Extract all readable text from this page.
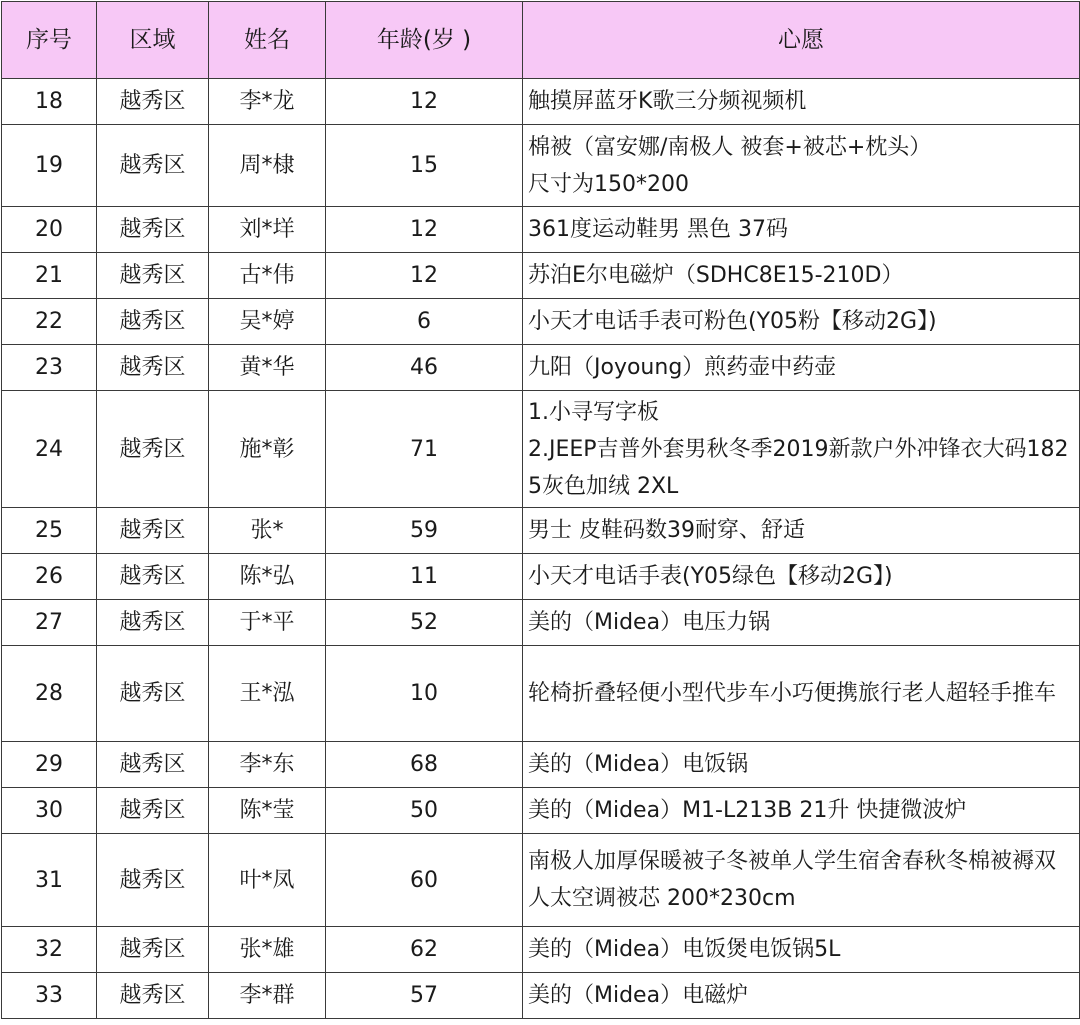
序号	区域	姓名	年龄(岁 )	心愿
18	越秀区	李*龙	12	触摸屏蓝牙K歌三分频视频机
19	越秀区	周*棣	15	棉被（富安娜/南极人 被套+被芯+枕头）
尺寸为150*200
20	越秀区	刘*垟	12	361度运动鞋男 黑色 37码
21	越秀区	古*伟	12	苏泊E尔电磁炉（SDHC8E15-210D）
22	越秀区	吴*婷	6	小天才电话手表可粉色(Y05粉【移动2G】)
23	越秀区	黄*华	46	九阳（Joyoung）煎药壶中药壶
24	越秀区	施*彰	71	1.小寻写字板
2.JEEP吉普外套男秋冬季2019新款户外冲锋衣大码1825灰色加绒 2XL
25	越秀区	张*	59	男士 皮鞋码数39耐穿、舒适
26	越秀区	陈*弘	11	小天才电话手表(Y05绿色【移动2G】)
27	越秀区	于*平	52	美的（Midea）电压力锅
28	越秀区	王*泓	10	轮椅折叠轻便小型代步车小巧便携旅行老人超轻手推车
29	越秀区	李*东	68	美的（Midea）电饭锅
30	越秀区	陈*莹	50	美的（Midea）M1-L213B 21升 快捷微波炉
31	越秀区	叶*凤	60	南极人加厚保暖被子冬被单人学生宿舍春秋冬棉被褥双人太空调被芯 200*230cm
32	越秀区	张*雄	62	美的（Midea）电饭煲电饭锅5L
33	越秀区	李*群	57	美的（Midea）电磁炉
